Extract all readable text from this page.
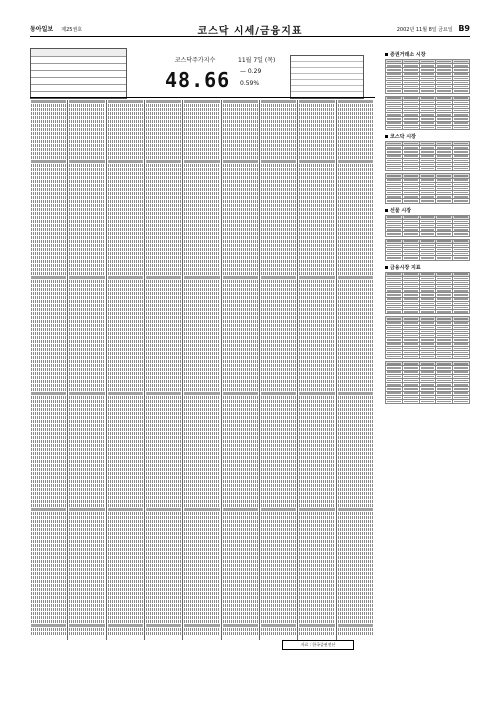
동아일보 제25권호	코스닥 시세/금융지표	2002년 11월 8일 금요일 B9

코스닥주가지수
48.66
11월 7일 (목)
— 0.29
0.59%
증권거래소 시장

코스닥 시장

선물 시장

금융시장 지표

자료 : 한국증권전산
